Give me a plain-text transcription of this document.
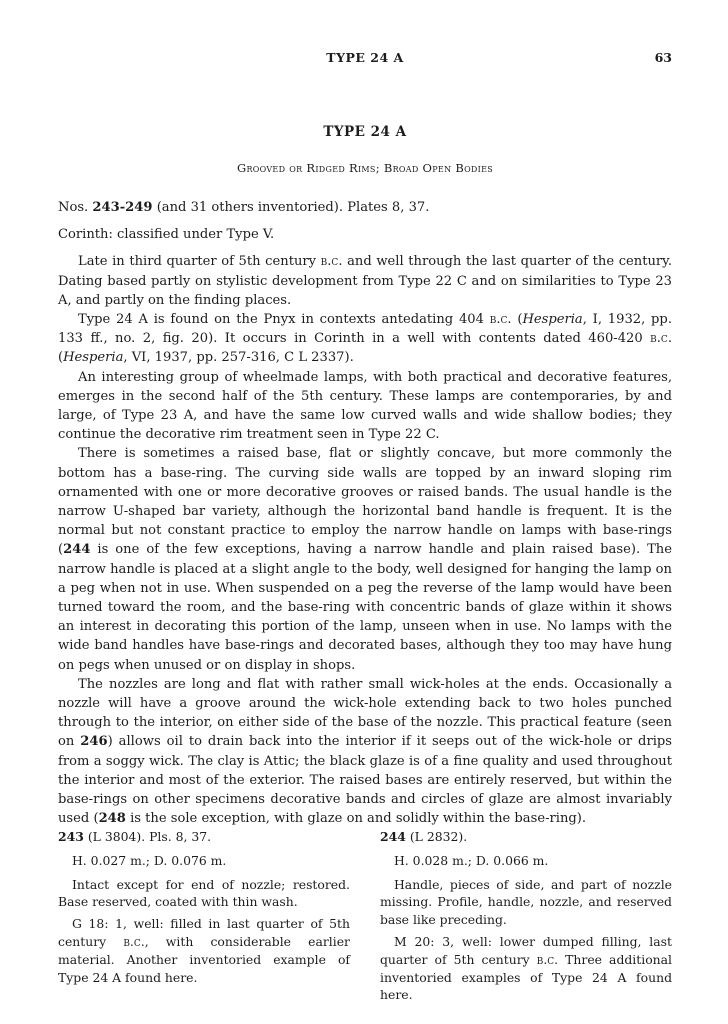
TYPE 24 A	63
TYPE 24 A
Grooved or Ridged Rims; Broad Open Bodies

Nos. 243-249 (and 31 others inventoried). Plates 8, 37.

Corinth: classified under Type V.

Late in third quarter of 5th century b.c. and well through the last quarter of the century. Dating based partly on stylistic development from Type 22 C and on similarities to Type 23 A, and partly on the finding places.

Type 24 A is found on the Pnyx in contexts antedating 404 b.c. (Hesperia, I, 1932, pp. 133 ff., no. 2, fig. 20). It occurs in Corinth in a well with contents dated 460-420 b.c. (Hesperia, VI, 1937, pp. 257-316, C L 2337).

An interesting group of wheelmade lamps, with both practical and decorative features, emerges in the second half of the 5th century. These lamps are contemporaries, by and large, of Type 23 A, and have the same low curved walls and wide shallow bodies; they continue the decorative rim treatment seen in Type 22 C.

There is sometimes a raised base, flat or slightly concave, but more commonly the bottom has a base-ring. The curving side walls are topped by an inward sloping rim ornamented with one or more decorative grooves or raised bands. The usual handle is the narrow U-shaped bar variety, although the horizontal band handle is frequent. It is the normal but not constant practice to employ the narrow handle on lamps with base-rings (244 is one of the few exceptions, having a narrow handle and plain raised base). The narrow handle is placed at a slight angle to the body, well designed for hanging the lamp on a peg when not in use. When suspended on a peg the reverse of the lamp would have been turned toward the room, and the base-ring with concentric bands of glaze within it shows an interest in decorating this portion of the lamp, unseen when in use. No lamps with the wide band handles have base-rings and decorated bases, although they too may have hung on pegs when unused or on display in shops.

The nozzles are long and flat with rather small wick-holes at the ends. Occasionally a nozzle will have a groove around the wick-hole extending back to two holes punched through to the interior, on either side of the base of the nozzle. This practical feature (seen on 246) allows oil to drain back into the interior if it seeps out of the wick-hole or drips from a soggy wick. The clay is Attic; the black glaze is of a fine quality and used throughout the interior and most of the exterior. The raised bases are entirely reserved, but within the base-rings on other specimens decorative bands and circles of glaze are almost invariably used (248 is the sole exception, with glaze on and solidly within the base-ring).

243 (L 3804). Pls. 8, 37.

H. 0.027 m.; D. 0.076 m.

Intact except for end of nozzle; restored. Base reserved, coated with thin wash.

G 18: 1, well: filled in last quarter of 5th century b.c., with considerable earlier material. Another inventoried example of Type 24 A found here.

244 (L 2832).

H. 0.028 m.; D. 0.066 m.

Handle, pieces of side, and part of nozzle missing. Profile, handle, nozzle, and reserved base like preceding.

M 20: 3, well: lower dumped filling, last quarter of 5th century b.c. Three additional inventoried examples of Type 24 A found here.
